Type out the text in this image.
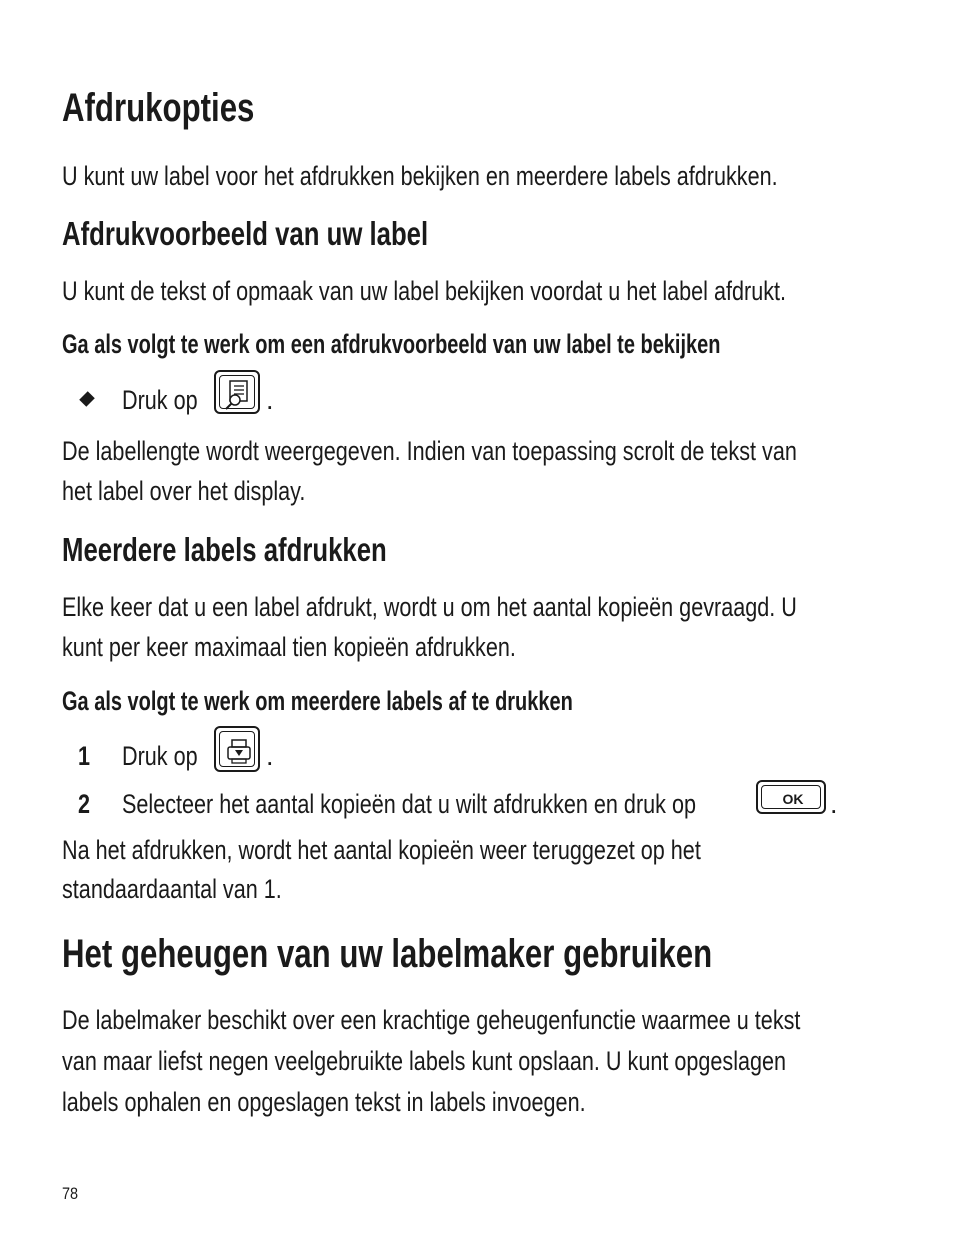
Afdrukopties
U kunt uw label voor het afdrukken bekijken en meerdere labels afdrukken.
Afdrukvoorbeeld van uw label
U kunt de tekst of opmaak van uw label bekijken voordat u het label afdrukt.
Ga als volgt te werk om een afdrukvoorbeeld van uw label te bekijken
Druk op	.
De labellengte wordt weergegeven. Indien van toepassing scrolt de tekst van
het label over het display.
Meerdere labels afdrukken
Elke keer dat u een label afdrukt, wordt u om het aantal kopieën gevraagd. U
kunt per keer maximaal tien kopieën afdrukken.
Ga als volgt te werk om meerdere labels af te drukken
1 Druk op	.
2 Selecteer het aantal kopieën dat u wilt afdrukken en druk op	OK .
Na het afdrukken, wordt het aantal kopieën weer teruggezet op het
standaardaantal van 1.
Het geheugen van uw labelmaker gebruiken
De labelmaker beschikt over een krachtige geheugenfunctie waarmee u tekst
van maar liefst negen veelgebruikte labels kunt opslaan. U kunt opgeslagen
labels ophalen en opgeslagen tekst in labels invoegen.
78
